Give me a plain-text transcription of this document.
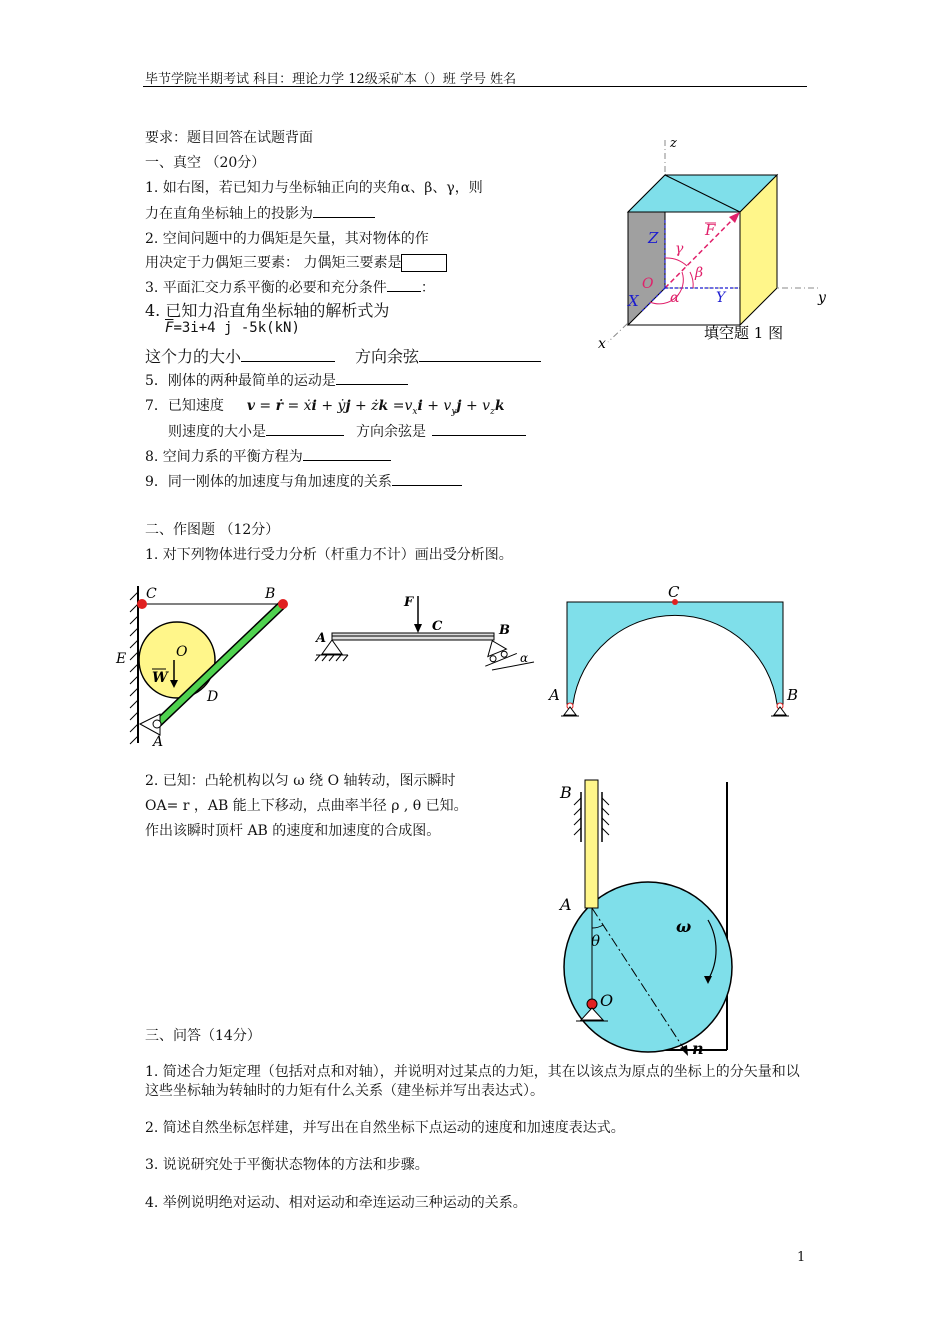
毕节学院半期考试 科目：理论力学 12级采矿本（）班 学号 姓名
要求：题目回答在试题背面
一、真空 （20分）
1. 如右图，若已知力与坐标轴正向的夹角α、β、γ，则
力在直角坐标轴上的投影为
2. 空间问题中的力偶矩是矢量，其对物体的作
用决定于力偶矩三要素： 力偶矩三要素是
3. 平面汇交力系平衡的必要和充分条件 ：
4. 已知力沿直角坐标轴的解析式为
$\overline{F}=3i+4$ j -5k(kN)
这个力的大小	方向余弦
5．刚体的两种最简单的运动是
7．已知速度 v = ṙ = ẋi + ẏj + żk $=v_xi + v_yj + v_zk$
则速度的大小是	方向余弦是
8. 空间力系的平衡方程为
9．同一刚体的加速度与角加速度的关系
z
y
x
Z
Y
X
O
F
γ
β
α
填空题 1 图
二、作图题 （12分）
1. 对下列物体进行受力分析（杆重力不计）画出受分析图。
C	B
O
E
W
D
A
F
C
A
B
α
C
A	B
2. 已知：凸轮机构以匀 ω 绕 O 轴转动，图示瞬时
OA= r ，AB 能上下移动，点曲率半径 ρ , θ 已知。
作出该瞬时顶杆 AB 的速度和加速度的合成图。
B
A
θ
O
ω
n
三、问答（14分）
1. 简述合力矩定理（包括对点和对轴），并说明对过某点的力矩，其在以该点为原点的坐标上的分矢量和以这些坐标轴为转轴时的力矩有什么关系（建坐标并写出表达式）。
2. 简述自然坐标怎样建，并写出在自然坐标下点运动的速度和加速度表达式。
3. 说说研究处于平衡状态物体的方法和步骤。
4. 举例说明绝对运动、相对运动和牵连运动三种运动的关系。
1
